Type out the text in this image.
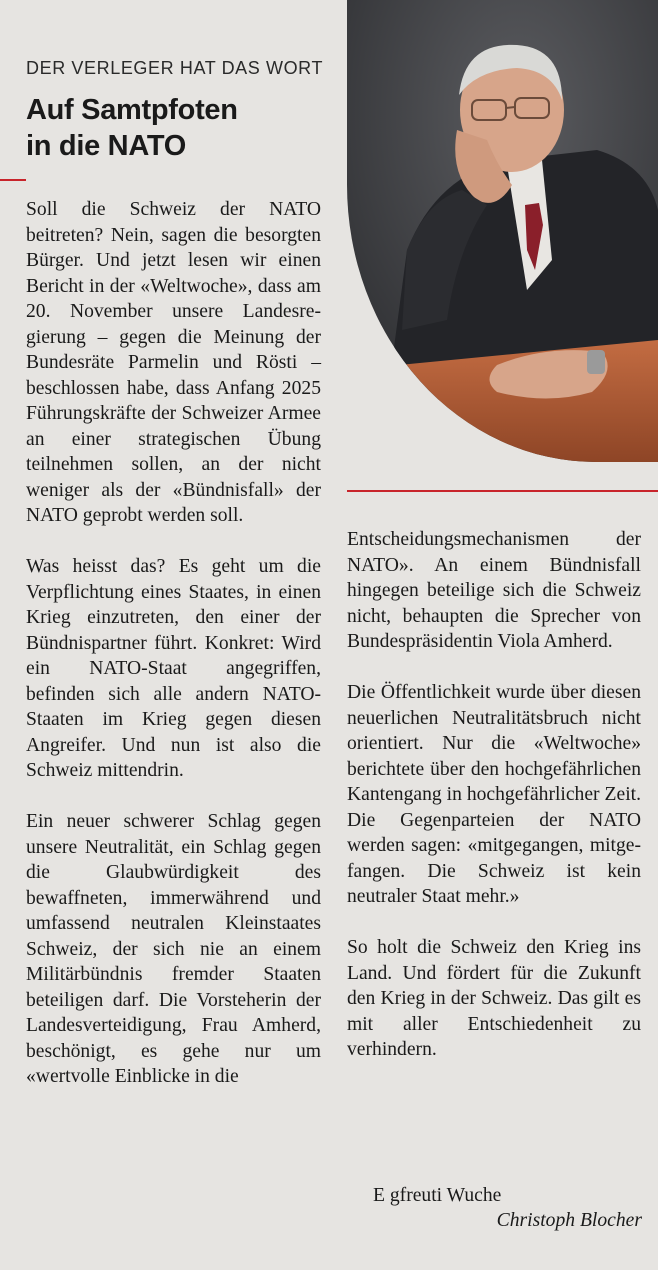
DER VERLEGER HAT DAS WORT
Auf Samtpfoten
in die NATO

Soll die Schweiz der NATO beitreten? Nein, sagen die besorgten Bürger. Und jetzt lesen wir einen Bericht in der «Weltwoche», dass am 20. November unsere Landesregierung – gegen die Meinung der Bundesräte Parmelin und Rösti – beschlossen habe, dass Anfang 2025 Führungskräfte der Schweizer Armee an einer strategischen Übung teilnehmen sollen, an der nicht weniger als der «Bündnisfall» der NATO geprobt werden soll.

Was heisst das? Es geht um die Verpflichtung eines Staates, in einen Krieg einzutreten, den einer der Bündnispartner führt. Konkret: Wird ein NATO-Staat angegriffen, befinden sich alle andern NATO-Staaten im Krieg gegen diesen Angreifer. Und nun ist also die Schweiz mittendrin.

Ein neuer schwerer Schlag gegen unsere Neutralität, ein Schlag gegen die Glaubwürdigkeit des bewaffneten, immerwährend und umfassend neutralen Kleinstaates Schweiz, der sich nie an einem Militärbündnis fremder Staaten beteiligen darf. Die Vorsteherin der Landesverteidigung, Frau Amherd, beschönigt, es gehe nur um «wertvolle Einblicke in die

Entscheidungsmechanismen der NATO». An einem Bündnisfall hingegen beteilige sich die Schweiz nicht, behaupten die Sprecher von Bundespräsidentin Viola Amherd.

Die Öffentlichkeit wurde über diesen neuerlichen Neutralitätsbruch nicht orientiert. Nur die «Weltwoche» berichtete über den hochgefährlichen Kantengang in hochgefährlicher Zeit. Die Gegenparteien der NATO werden sagen: «mitgegangen, mitgefangen. Die Schweiz ist kein neutraler Staat mehr.»

So holt die Schweiz den Krieg ins Land. Und fördert für die Zukunft den Krieg in der Schweiz. Das gilt es mit aller Entschiedenheit zu verhindern.

E gfreuti Wuche
Christoph Blocher
